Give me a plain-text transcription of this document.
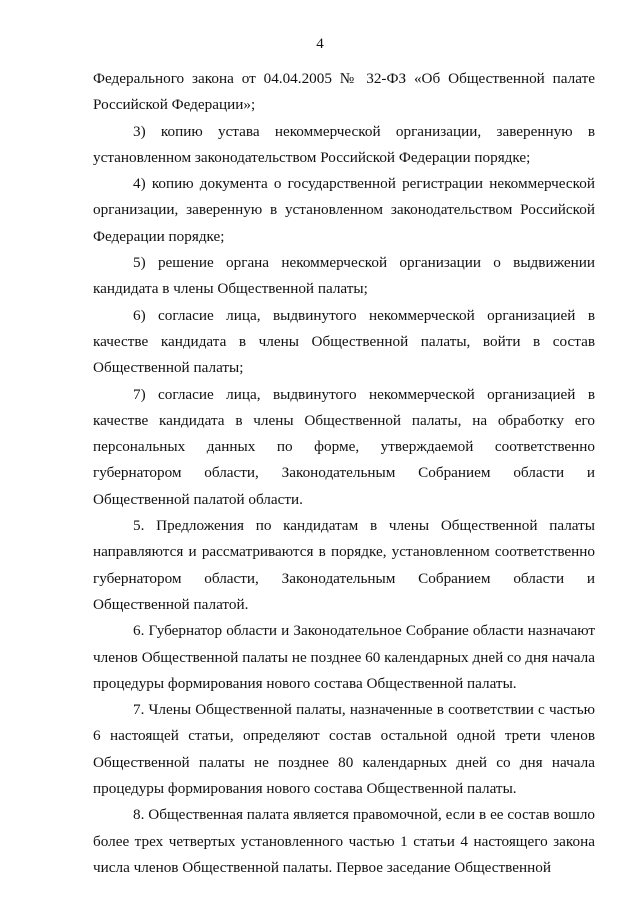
4

Федерального закона от 04.04.2005 № 32-ФЗ «Об Общественной палате Российской Федерации»;

3) копию устава некоммерческой организации, заверенную в установленном законодательством Российской Федерации порядке;

4) копию документа о государственной регистрации некоммерческой организации, заверенную в установленном законодательством Российской Федерации порядке;

5) решение органа некоммерческой организации о выдвижении кандидата в члены Общественной палаты;

6) согласие лица, выдвинутого некоммерческой организацией в качестве кандидата в члены Общественной палаты, войти в состав Общественной палаты;

7) согласие лица, выдвинутого некоммерческой организацией в качестве кандидата в члены Общественной палаты, на обработку его персональных данных по форме, утверждаемой соответственно губернатором области, Законодательным Собранием области и Общественной палатой области.

5. Предложения по кандидатам в члены Общественной палаты направляются и рассматриваются в порядке, установленном соответственно губернатором области, Законодательным Собранием области и Общественной палатой.

6. Губернатор области и Законодательное Собрание области назначают членов Общественной палаты не позднее 60 календарных дней со дня начала процедуры формирования нового состава Общественной палаты.

7. Члены Общественной палаты, назначенные в соответствии с частью 6 настоящей статьи, определяют состав остальной одной трети членов Общественной палаты не позднее 80 календарных дней со дня начала процедуры формирования нового состава Общественной палаты.

8. Общественная палата является правомочной, если в ее состав вошло более трех четвертых установленного частью 1 статьи 4 настоящего закона числа членов Общественной палаты. Первое заседание Общественной
